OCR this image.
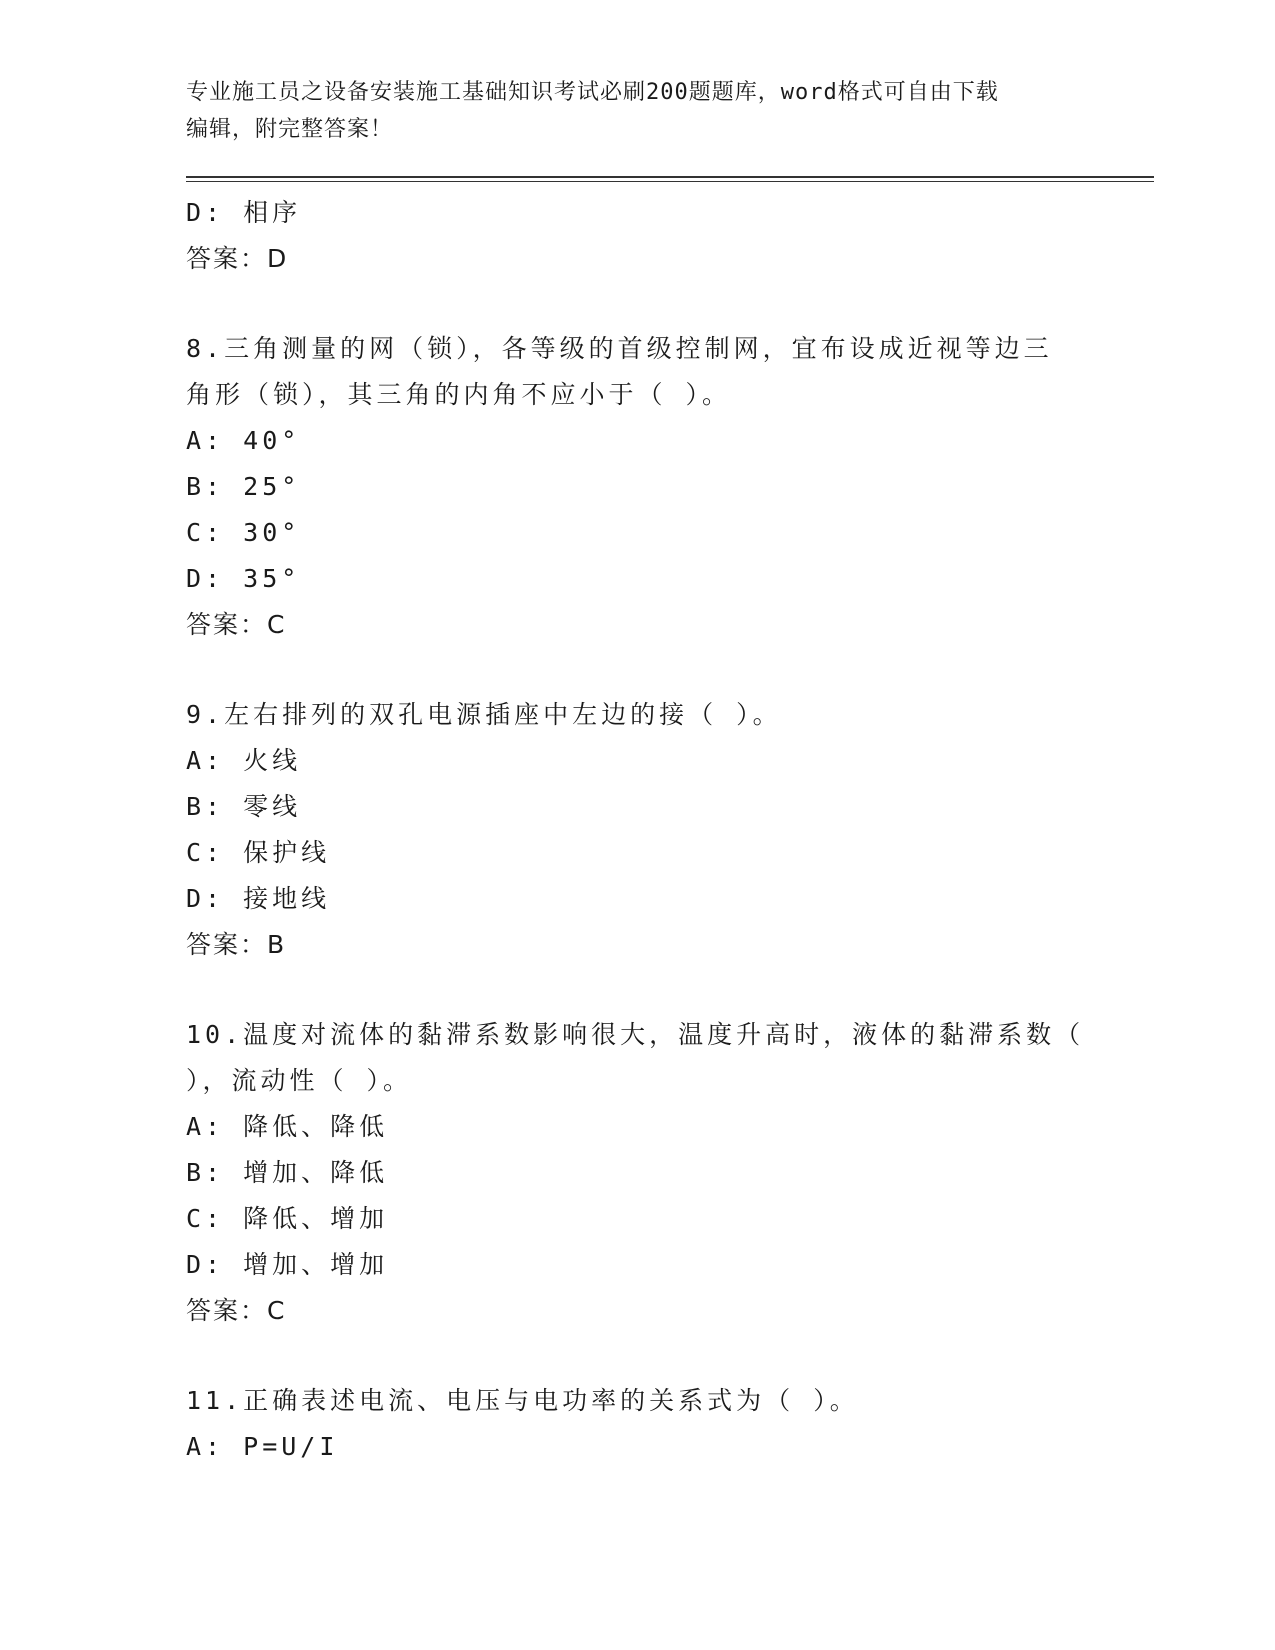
专业施工员之设备安装施工基础知识考试必刷200题题库，word格式可自由下载
编辑，附完整答案！
D: 相序
答案：D
8.三角测量的网（锁），各等级的首级控制网，宜布设成近视等边三
角形（锁），其三角的内角不应小于（ ）。
A: 40°
B: 25°
C: 30°
D: 35°
答案：C
9.左右排列的双孔电源插座中左边的接（ ）。
A: 火线
B: 零线
C: 保护线
D: 接地线
答案：B
10.温度对流体的黏滞系数影响很大，温度升高时，液体的黏滞系数（
），流动性（ ）。
A: 降低、降低
B: 增加、降低
C: 降低、增加
D: 增加、增加
答案：C
11.正确表述电流、电压与电功率的关系式为（ ）。
A: P=U/I
